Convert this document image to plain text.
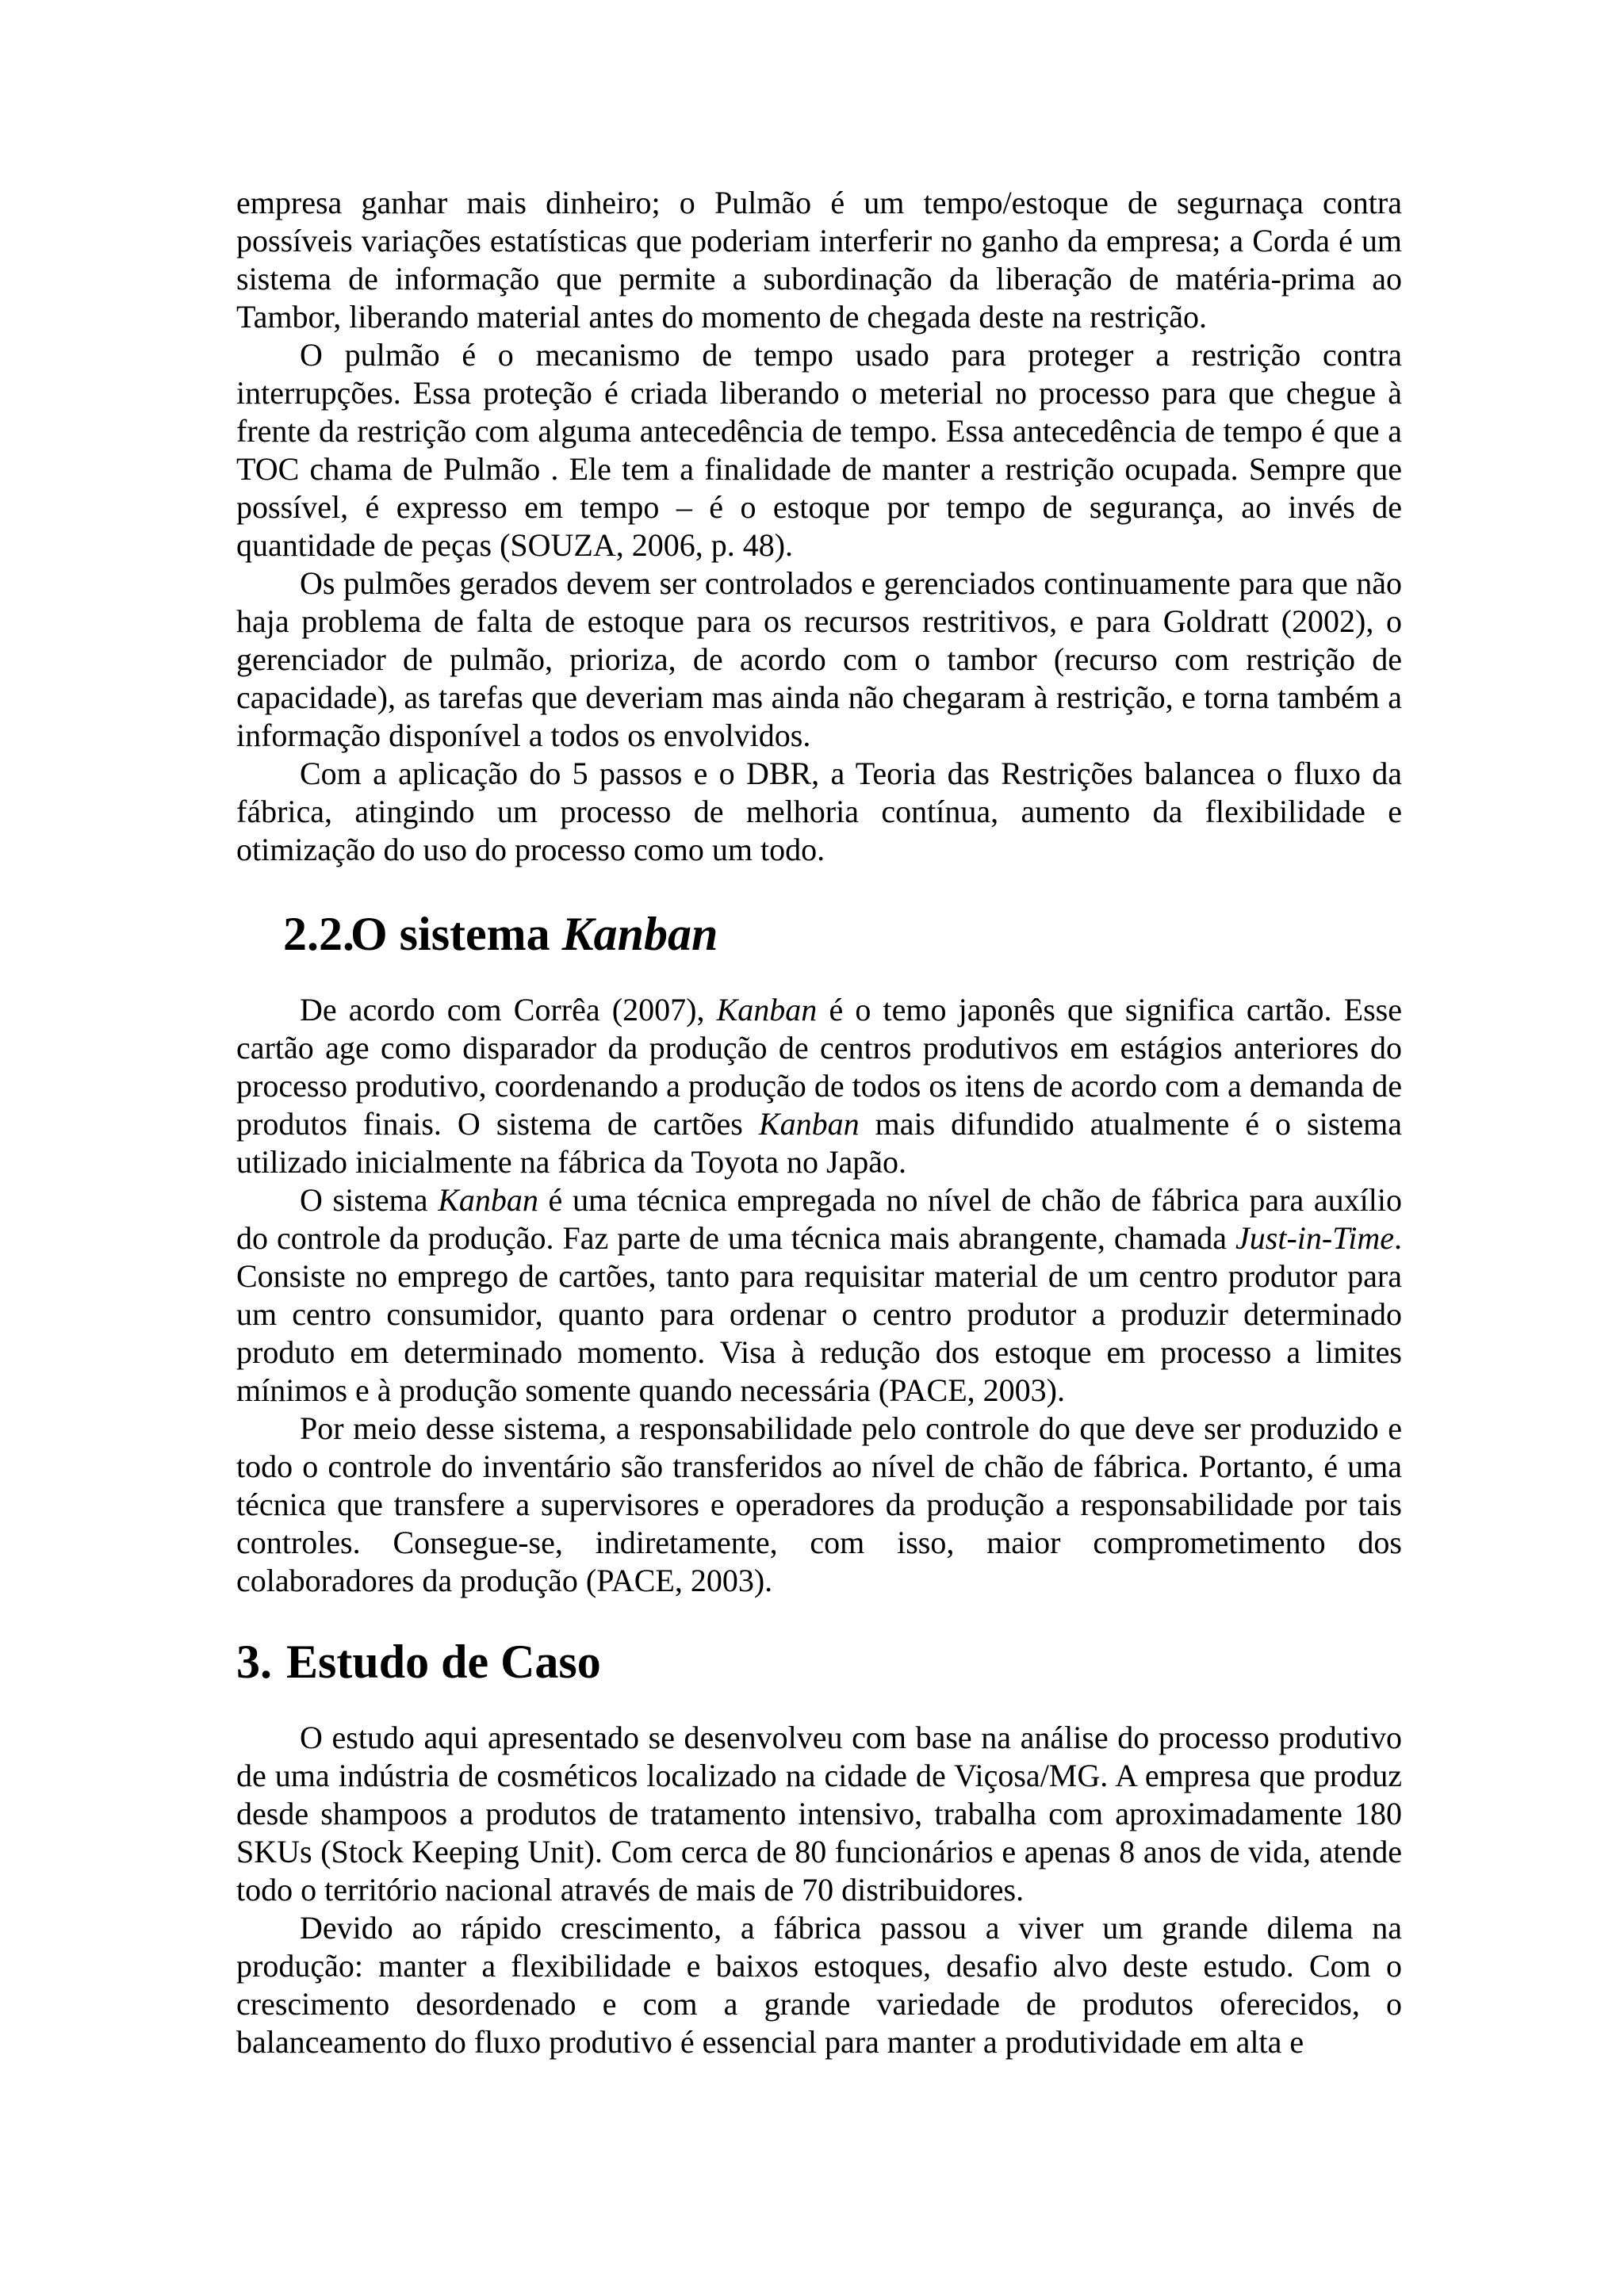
empresa ganhar mais dinheiro; o Pulmão é um tempo/estoque de segurnaça contra possíveis variações estatísticas que poderiam interferir no ganho da empresa; a Corda é um sistema de informação que permite a subordinação da liberação de matéria-prima ao Tambor, liberando material antes do momento de chegada deste na restrição.

O pulmão é o mecanismo de tempo usado para proteger a restrição contra interrupções. Essa proteção é criada liberando o meterial no processo para que chegue à frente da restrição com alguma antecedência de tempo. Essa antecedência de tempo é que a TOC chama de Pulmão . Ele tem a finalidade de manter a restrição ocupada. Sempre que possível, é expresso em tempo – é o estoque por tempo de segurança, ao invés de quantidade de peças (SOUZA, 2006, p. 48).

Os pulmões gerados devem ser controlados e gerenciados continuamente para que não haja problema de falta de estoque para os recursos restritivos, e para Goldratt (2002), o gerenciador de pulmão, prioriza, de acordo com o tambor (recurso com restrição de capacidade), as tarefas que deveriam mas ainda não chegaram à restrição, e torna também a informação disponível a todos os envolvidos.

Com a aplicação do 5 passos e o DBR, a Teoria das Restrições balancea o fluxo da fábrica, atingindo um processo de melhoria contínua, aumento da flexibilidade e otimização do uso do processo como um todo.

2.2.O sistema Kanban

De acordo com Corrêa (2007), Kanban é o temo japonês que significa cartão. Esse cartão age como disparador da produção de centros produtivos em estágios anteriores do processo produtivo, coordenando a produção de todos os itens de acordo com a demanda de produtos finais. O sistema de cartões Kanban mais difundido atualmente é o sistema utilizado inicialmente na fábrica da Toyota no Japão.

O sistema Kanban é uma técnica empregada no nível de chão de fábrica para auxílio do controle da produção. Faz parte de uma técnica mais abrangente, chamada Just-in-Time. Consiste no emprego de cartões, tanto para requisitar material de um centro produtor para um centro consumidor, quanto para ordenar o centro produtor a produzir determinado produto em determinado momento. Visa à redução dos estoque em processo a limites mínimos e à produção somente quando necessária (PACE, 2003).

Por meio desse sistema, a responsabilidade pelo controle do que deve ser produzido e todo o controle do inventário são transferidos ao nível de chão de fábrica. Portanto, é uma técnica que transfere a supervisores e operadores da produção a responsabilidade por tais controles. Consegue-se, indiretamente, com isso, maior comprometimento dos colaboradores da produção (PACE, 2003).

3. Estudo de Caso

O estudo aqui apresentado se desenvolveu com base na análise do processo produtivo de uma indústria de cosméticos localizado na cidade de Viçosa/MG. A empresa que produz desde shampoos a produtos de tratamento intensivo, trabalha com aproximadamente 180 SKUs (Stock Keeping Unit). Com cerca de 80 funcionários e apenas 8 anos de vida, atende todo o território nacional através de mais de 70 distribuidores.

Devido ao rápido crescimento, a fábrica passou a viver um grande dilema na produção: manter a flexibilidade e baixos estoques, desafio alvo deste estudo. Com o crescimento desordenado e com a grande variedade de produtos oferecidos, o balanceamento do fluxo produtivo é essencial para manter a produtividade em alta e
